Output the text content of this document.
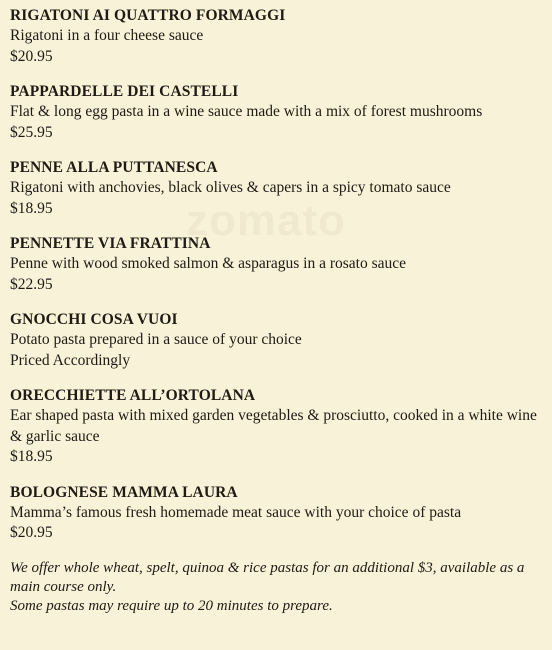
zomato
RIGATONI AI QUATTRO FORMAGGI
Rigatoni in a four cheese sauce
$20.95
PAPPARDELLE DEI CASTELLI
Flat & long egg pasta in a wine sauce made with a mix of forest mushrooms
$25.95
PENNE ALLA PUTTANESCA
Rigatoni with anchovies, black olives & capers in a spicy tomato sauce
$18.95
PENNETTE VIA FRATTINA
Penne with wood smoked salmon & asparagus in a rosato sauce
$22.95
GNOCCHI COSA VUOI
Potato pasta prepared in a sauce of your choice
Priced Accordingly
ORECCHIETTE ALL’ORTOLANA
Ear shaped pasta with mixed garden vegetables & prosciutto, cooked in a white wine & garlic sauce
$18.95
BOLOGNESE MAMMA LAURA
Mamma’s famous fresh homemade meat sauce with your choice of pasta
$20.95
We offer whole wheat, spelt, quinoa & rice pastas for an additional $3, available as a main course only.
Some pastas may require up to 20 minutes to prepare.
